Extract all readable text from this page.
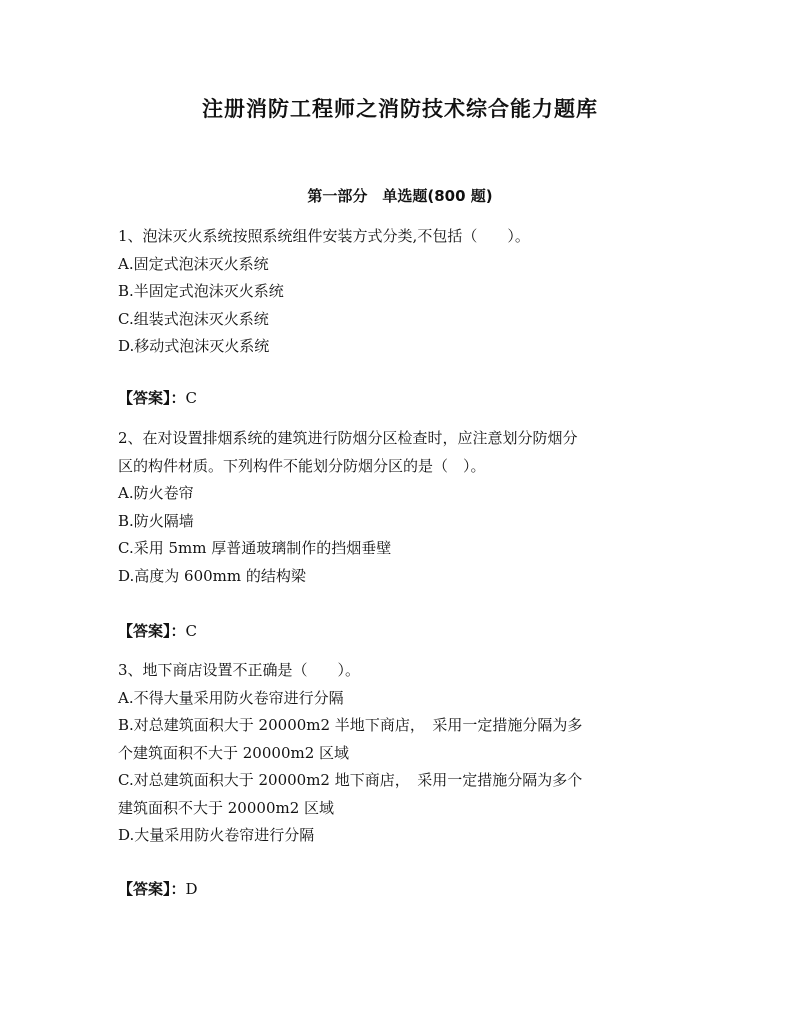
注册消防工程师之消防技术综合能力题库
第一部分　单选题(800 题)
1、泡沫灭火系统按照系统组件安装方式分类,不包括（　　）。
A.固定式泡沫灭火系统
B.半固定式泡沫灭火系统
C.组装式泡沫灭火系统
D.移动式泡沫灭火系统
【答案】：C
2、在对设置排烟系统的建筑进行防烟分区检查时，应注意划分防烟分
区的构件材质。下列构件不能划分防烟分区的是（　）。
A.防火卷帘
B.防火隔墙
C.采用 5mm 厚普通玻璃制作的挡烟垂壁
D.高度为 600mm 的结构梁
【答案】：C
3、地下商店设置不正确是（　　）。
A.不得大量采用防火卷帘进行分隔
B.对总建筑面积大于 20000m2 半地下商店，　采用一定措施分隔为多
个建筑面积不大于 20000m2 区域
C.对总建筑面积大于 20000m2 地下商店，　采用一定措施分隔为多个
建筑面积不大于 20000m2 区域
D.大量采用防火卷帘进行分隔
【答案】：D
